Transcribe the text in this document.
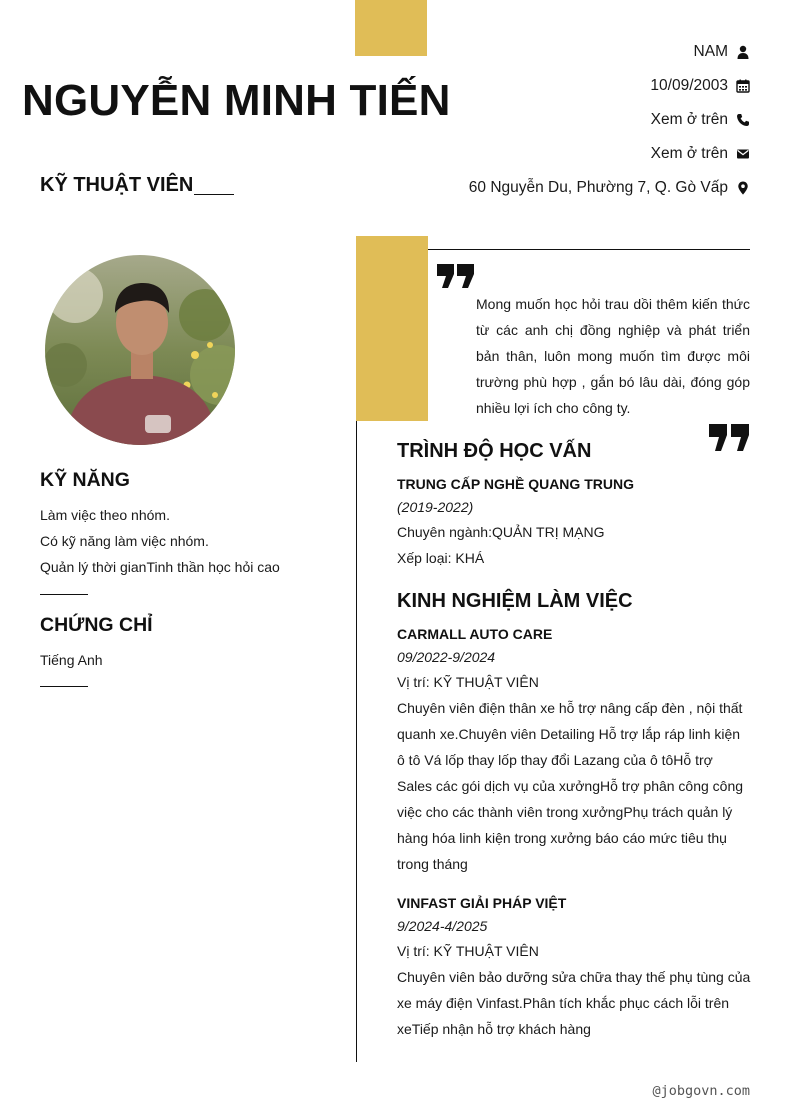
NGUYỄN MINH TIẾN
KỸ THUẬT VIÊN
NAM
10/09/2003
Xem ở trên
Xem ở trên
60 Nguyễn Du, Phường 7, Q. Gò Vấp
KỸ NĂNG
Làm việc theo nhóm.
Có kỹ năng làm việc nhóm.
Quản lý thời gianTinh thần học hỏi cao
CHỨNG CHỈ
Tiếng Anh

Mong muốn học hỏi trau dồi thêm kiến thức từ các anh chị đồng nghiệp và phát triển bản thân, luôn mong muốn tìm được môi trường phù hợp , gắn bó lâu dài, đóng góp nhiều lợi ích cho công ty.

TRÌNH ĐỘ HỌC VẤN
TRUNG CẤP NGHỀ QUANG TRUNG
(2019-2022)
Chuyên ngành:QUẢN TRỊ MẠNG
Xếp loại: KHÁ
KINH NGHIỆM LÀM VIỆC
CARMALL AUTO CARE
09/2022-9/2024
Vị trí: KỸ THUẬT VIÊN

Chuyên viên điện thân xe hỗ trợ nâng cấp đèn , nội thất quanh xe.Chuyên viên Detailing Hỗ trợ lắp ráp linh kiện ô tô Vá lốp thay lốp thay đổi Lazang của ô tôHỗ trợ Sales các gói dịch vụ của xưởngHỗ trợ phân công công việc cho các thành viên trong xưởngPhụ trách quản lý hàng hóa linh kiện trong xưởng báo cáo mức tiêu thụ trong tháng

VINFAST GIẢI PHÁP VIỆT
9/2024-4/2025
Vị trí: KỸ THUẬT VIÊN

Chuyên viên bảo dưỡng sửa chữa thay thế phụ tùng của xe máy điện Vinfast.Phân tích khắc phục cách lỗi trên xeTiếp nhận hỗ trợ khách hàng

@jobgovn.com
